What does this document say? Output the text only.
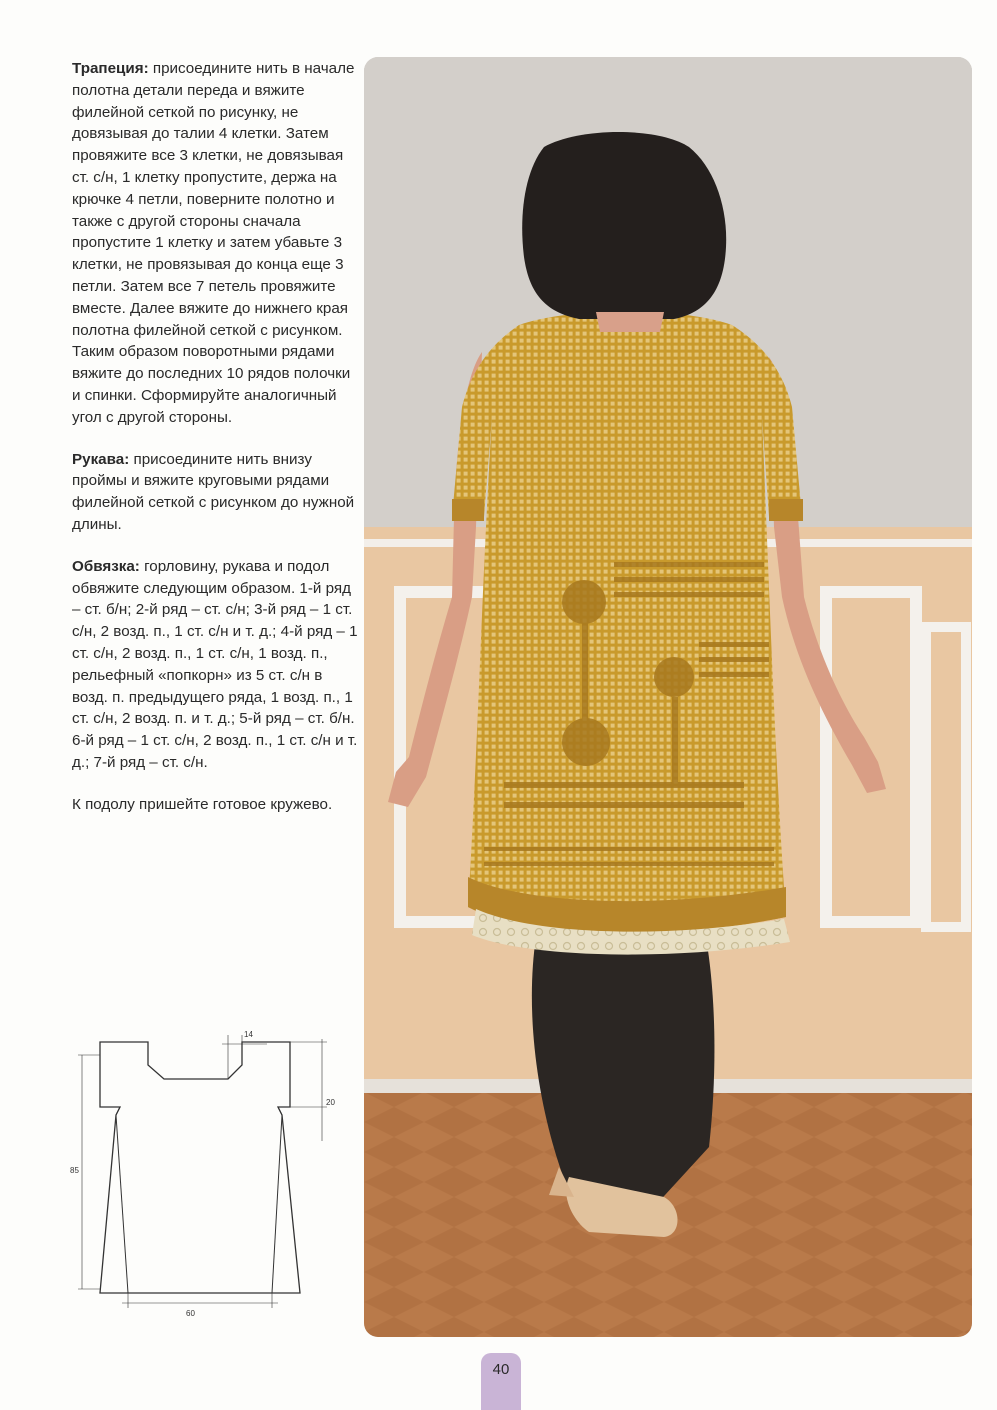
Трапеция: присоедините нить в начале полотна детали переда и вяжите филейной сеткой по рисунку, не довязывая до талии 4 клетки. Затем провяжите все 3 клетки, не довязывая ст. с/н, 1 клетку пропустите, держа на крючке 4 петли, поверните полотно и также с другой стороны сначала пропустите 1 клетку и затем убавьте 3 клетки, не провязывая до конца еще 3 петли. Затем все 7 петель провяжите вместе. Далее вяжите до нижнего края полотна филейной сеткой с рисунком. Таким образом поворотными рядами вяжите до последних 10 рядов полочки и спинки. Сформируйте аналогичный угол с другой стороны.

Рукава: присоедините нить внизу проймы и вяжите круговыми рядами филейной сеткой с рисунком до нужной длины.

Обвязка: горловину, рукава и подол обвяжите следующим образом. 1-й ряд – ст. б/н; 2-й ряд – ст. с/н; 3-й ряд – 1 ст. с/н, 2 возд. п., 1 ст. с/н и т. д.; 4-й ряд – 1 ст. с/н, 2 возд. п., 1 ст. с/н, 1 возд. п., рельефный «попкорн» из 5 ст. с/н в возд. п. предыдущего ряда, 1 возд. п., 1 ст. с/н, 2 возд. п. и т. д.; 5-й ряд – ст. б/н. 6-й ряд – 1 ст. с/н, 2 возд. п., 1 ст. с/н и т. д.; 7-й ряд – ст. с/н.

К подолу пришейте готовое кружево.

14
20
85
60
40
